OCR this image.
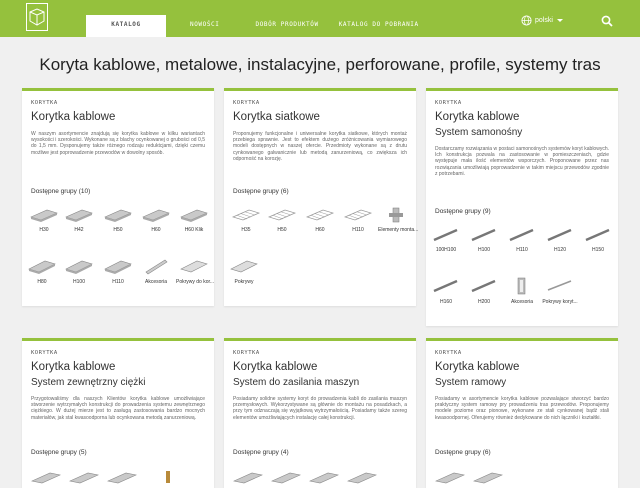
KATALOG	NOWOŚCI	DOBÓR PRODUKTÓW	KATALOG DO POBRANIA
polski
Koryta kablowe, metalowe, instalacyjne, perforowane, profile, systemy tras
KORYTKA
Korytka kablowe
W naszym asortymencie znajdują się korytka kablowe w kilku wariantach wysokości i szerokości. Wykonane są z blachy ocynkowanej o grubości od 0,5 do 1,5 mm. Dysponujemy także różnego rodzaju reduktcjami, dzięki czemu możliwe jest poprowadzenie przewodów w dowolny sposób.
Dostępne grupy (10)
H30	H42	H50	H60	H60 Klik
H80	H100	H110	Akcesoria	Pokrywy do kor...
KORYTKA
Korytka siatkowe
Proponujemy funkcjonalne i uniwersalne korytka siatkowe, których montaż przebiega sprawnie. Jest to efektem dużego zróżnicowania wymiarowego modeli dostępnych w naszej ofercie. Przedmioty wykonane są z drutu cynkowanego galwanicznie lub metodą zanurzeniową, co zwiększa ich odporność na korozję.
Dostępne grupy (6)
H35	H50	H60	H110	Elementy monta...
Pokrywy
KORYTKA
Korytka kablowe
System samonośny
Dostarczamy rozwiązania w postaci samonośnych systemów koryt kablowych. Ich konstrukcja pozwala na zastosowanie w pomieszczeniach, gdzie występuje mała ilość elementów wsporczych. Proponowane przez nas rozwiązania umożliwiają poprowadzenie w takim miejscu przewodów zgodnie z potrzebami.
Dostępne grupy (9)
100H100	H100	H110	H120	H150
H160	H200	Akcesoria	Pokrywy koryt...
KORYTKA
Korytka kablowe
System zewnętrzny ciężki
Przygotowaliśmy dla naszych Klientów korytka kablowe umożliwiające stworzenie wytrzymałych konstrukcji do prowadzenia systemu zewnętrznego ciężkiego. W dużej mierze jest to zasługą zastosowania bardzo mocnych materiałów, jak stal kwasoodporna lub ocynkowana metodą zanurzeniową.
Dostępne grupy (5)
KORYTKA
Korytka kablowe
System do zasilania maszyn
Posiadamy solidne systemy koryt do prowadzenia kabli do zasilania maszyn przemysłowych. Wykorzystywane są głównie do montażu na posadzkach, a przy tym odznaczają się wyjątkową wytrzymałością. Posiadamy także szereg elementów umożliwiających instalację całej konstrukcji.
Dostępne grupy (4)
KORYTKA
Korytka kablowe
System ramowy
Posiadamy w asortymencie korytka kablowe pozwalające stworzyć bardzo praktyczny system ramowy pry prowadzeniu tras przewodów. Proponujemy modele poziome oraz pionowe, wykonane ze stali cynkowanej bądź stali kwasoodpornej. Oferujemy również dedykowane do nich łączniki i kształtki.
Dostępne grupy (6)
